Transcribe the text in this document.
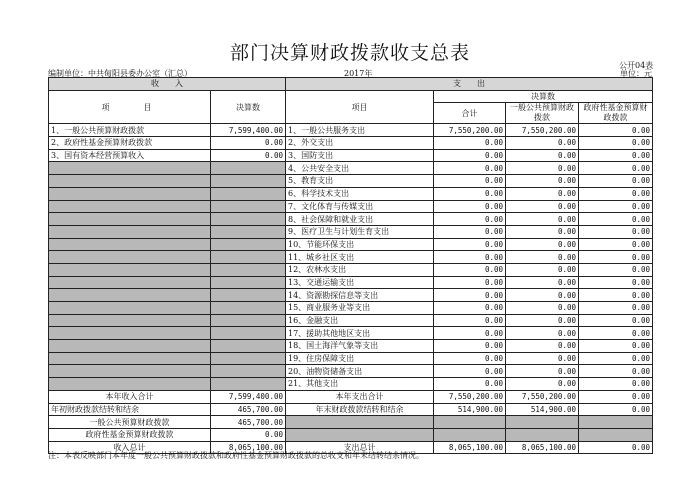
部门决算财政拨款收支总表
公开04表
编制单位：中共甸阳县委办公室（汇总）	2017年	单位：元
收　　入		支　　出			
项　　目	决算数	项目	决算数		
			合计	一般公共预算财政拨款	政府性基金预算财政拨款
1、一般公共预算财政拨款	7,599,400.00	1、一般公共服务支出	7,550,200.00	7,550,200.00	0.00
2、政府性基金预算财政拨款	0.00	2、外交支出	0.00	0.00	0.00
3、国有资本经营预算收入	0.00	3、国防支出	0.00	0.00	0.00
		4、公共安全支出	0.00	0.00	0.00
		5、教育支出	0.00	0.00	0.00
		6、科学技术支出	0.00	0.00	0.00
		7、文化体育与传媒支出	0.00	0.00	0.00
		8、社会保障和就业支出	0.00	0.00	0.00
		9、医疗卫生与计划生育支出	0.00	0.00	0.00
		10、节能环保支出	0.00	0.00	0.00
		11、城乡社区支出	0.00	0.00	0.00
		12、农林水支出	0.00	0.00	0.00
		13、交通运输支出	0.00	0.00	0.00
		14、资源勘探信息等支出	0.00	0.00	0.00
		15、商业服务业等支出	0.00	0.00	0.00
		16、金融支出	0.00	0.00	0.00
		17、援助其他地区支出	0.00	0.00	0.00
		18、国土海洋气象等支出	0.00	0.00	0.00
		19、住房保障支出	0.00	0.00	0.00
		20、油物资储备支出	0.00	0.00	0.00
		21、其他支出	0.00	0.00	0.00
本年收入合计	7,599,400.00	本年支出合计	7,550,200.00	7,550,200.00	0.00
年初财政拨款结转和结余	465,700.00	年末财政拨款结转和结余	514,900.00	514,900.00	0.00
一般公共预算财政拨款	465,700.00				
政府性基金预算财政拨款	0.00				
收入总计	8,065,100.00	支出总计	8,065,100.00	8,065,100.00	0.00
注：本表反映部门本年度一般公共预算财政拨款和政府性基金预算财政拨款的总收支和年末结转结余情况。
